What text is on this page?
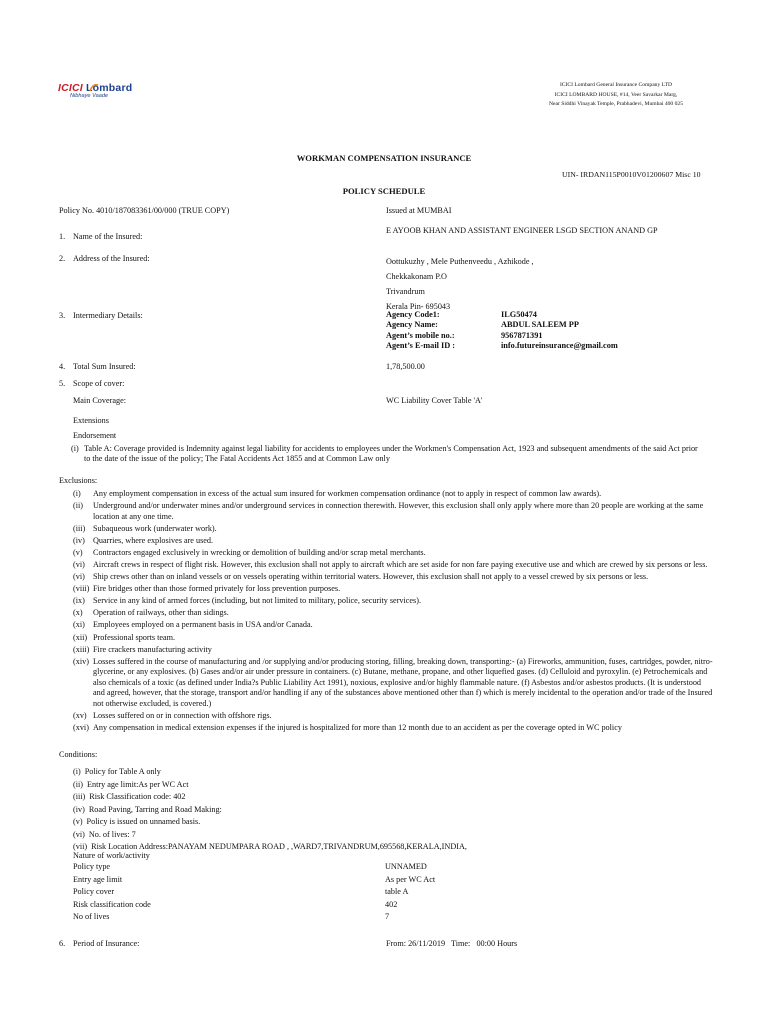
ICICI Lombard
Nibhaye Vaade
ICICI Lombard General Insurance Company LTD
ICICI LOMBARD HOUSE, #14, Veer Savarkar Marg,
Near Siddhi Vinayak Temple, Prabhadevi, Mumbai 400 025
WORKMAN COMPENSATION INSURANCE
UIN- IRDAN115P0010V01200607 Misc 10
POLICY SCHEDULE
Policy No. 4010/187083361/00/000 (TRUE COPY)	Issued at MUMBAI
1. Name of the Insured:
E AYOOB KHAN AND ASSISTANT ENGINEER LSGD SECTION ANAND GP
2. Address of the Insured:	Oottukuzhy , Mele Puthenveedu , Azhikode ,
Chekkakonam P.O
Trivandrum
Kerala Pin- 695043
3. Intermediary Details:	Agency Code1:	ILG50474
Agency Name:	ABDUL SALEEM PP
Agent’s mobile no.:	9567871391
Agent’s E-mail ID :	info.futureinsurance@gmail.com
4. Total Sum Insured:	1,78,500.00
5. Scope of cover:
Main Coverage:	WC Liability Cover Table 'A'
Extensions
Endorsement
(i) Table A: Coverage provided is Indemnity against legal liability for accidents to employees under the Workmen's Compensation Act, 1923 and subsequent amendments of the said Act prior to the date of the issue of the policy; The Fatal Accidents Act 1855 and at Common Law only
Exclusions:
(i) Any employment compensation in excess of the actual sum insured for workmen compensation ordinance (not to apply in respect of common law awards).
(ii) Underground and/or underwater mines and/or underground services in connection therewith. However, this exclusion shall only apply where more than 20 people are working at the same location at any one time.
(iii) Subaqueous work (underwater work).
(iv) Quarries, where explosives are used.
(v) Contractors engaged exclusively in wrecking or demolition of building and/or scrap metal merchants.
(vi) Aircraft crews in respect of flight risk. However, this exclusion shall not apply to aircraft which are set aside for non fare paying executive use and which are crewed by six persons or less.
(vi) Ship crews other than on inland vessels or on vessels operating within territorial waters. However, this exclusion shall not apply to a vessel crewed by six persons or less.
(viii) Fire bridges other than those formed privately for loss prevention purposes.
(ix) Service in any kind of armed forces (including, but not limited to military, police, security services).
(x) Operation of railways, other than sidings.
(xi) Employees employed on a permanent basis in USA and/or Canada.
(xii) Professional sports team.
(xiii) Fire crackers manufacturing activity
(xiv) Losses suffered in the course of manufacturing and /or supplying and/or producing storing, filling, breaking down, transporting:- (a) Fireworks, ammunition, fuses, cartridges, powder, nitro-glycerine, or any explosives. (b) Gases and/or air under pressure in containers. (c) Butane, methane, propane, and other liquefied gases. (d) Celluloid and pyroxylin. (e) Petrochemicals and also chemicals of a toxic (as defined under India?s Public Liability Act 1991), noxious, explosive and/or highly flammable nature. (f) Asbestos and/or asbestos products. (It is understood and agreed, however, that the storage, transport and/or handling if any of the substances above mentioned other than f) which is merely incidental to the operation and/or trade of the Insured not otherwise excluded, is covered.)
(xv) Losses suffered on or in connection with offshore rigs.
(xvi) Any compensation in medical extension expenses if the injured is hospitalized for more than 12 month due to an accident as per the coverage opted in WC policy
Conditions:
(i) Policy for Table A only
(ii) Entry age limit:As per WC Act
(iii) Risk Classification code: 402
(iv) Road Paving, Tarring and Road Making:
(v) Policy is issued on unnamed basis.
(vi) No. of lives: 7
(vii) Risk Location Address:PANAYAM NEDUMPARA ROAD , ,WARD7,TRIVANDRUM,695568,KERALA,INDIA,
Nature of work/activity
Policy type	UNNAMED
Entry age limit	As per WC Act
Policy cover	table A
Risk classification code	402
No of lives	7
6. Period of Insurance:	From: 26/11/2019   Time:   00:00 Hours
